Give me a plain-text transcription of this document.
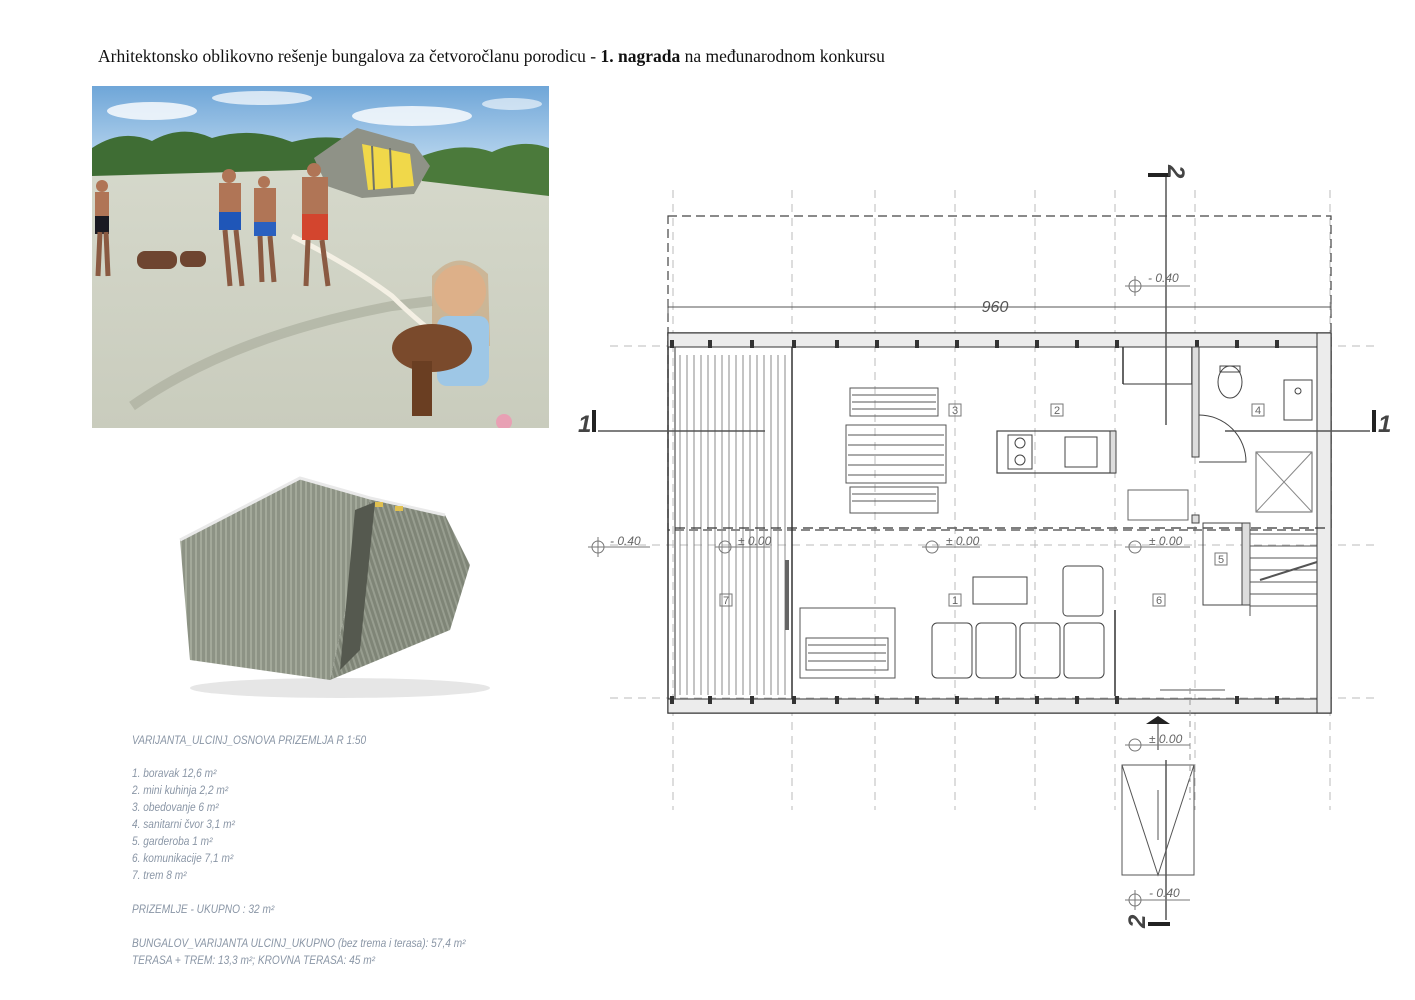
Arhitektonsko oblikovno rešenje bungalova za četvoročlanu porodicu - 1. nagrada na međunarodnom konkursu
VARIJANTA_ULCINJ_OSNOVA PRIZEMLJA R 1:50
1. boravak 12,6 m²
2. mini kuhinja 2,2 m²
3. obedovanje 6 m²
4. sanitarni čvor 3,1 m²
5. garderoba 1 m²
6. komunikacije 7,1 m²
7. trem 8 m²
PRIZEMLJE - UKUPNO : 32 m²
BUNGALOV_VARIJANTA ULCINJ_UKUPNO (bez trema i terasa): 57,4 m²
TERASA + TREM: 13,3 m²; KROVNA TERASA: 45 m²
960
1	1
2
2
- 0.40
- 0.40	± 0.00	± 0.00	± 0.00
± 0.00
- 0.40
1
2
3	4
5
6
7
